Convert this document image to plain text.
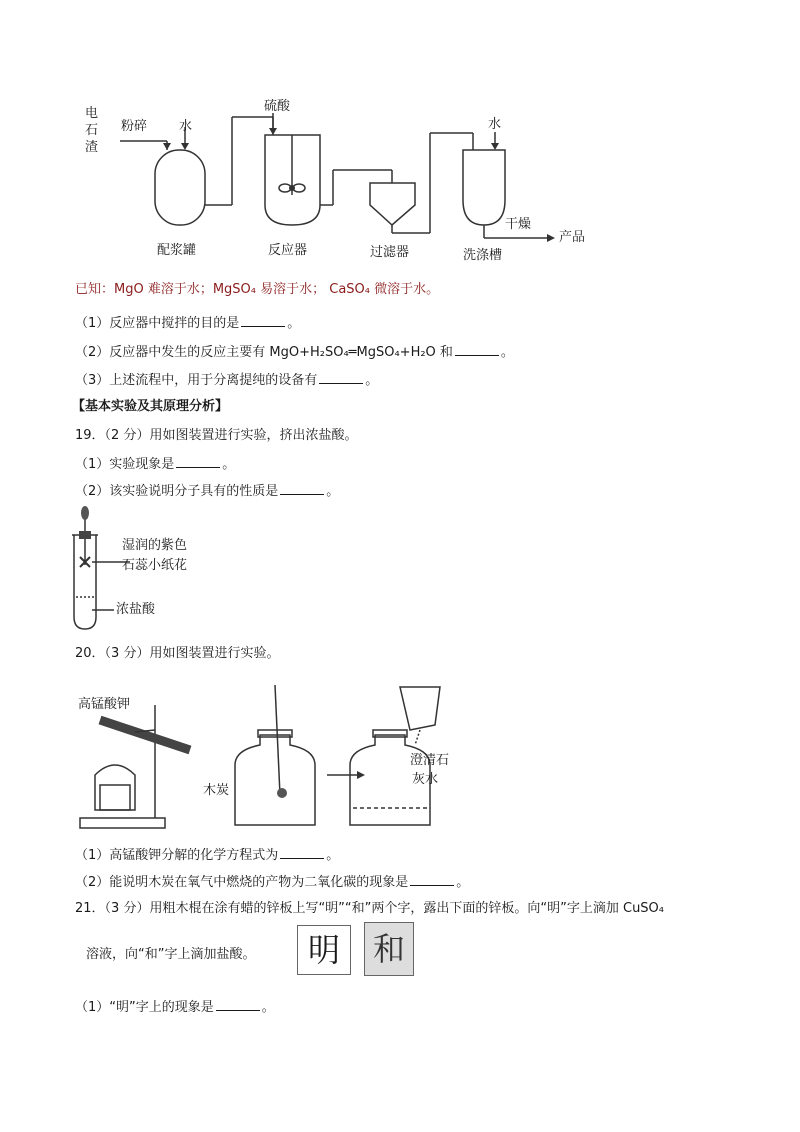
电
石
渣
粉碎 水
硫酸
水
干燥
产品
配浆罐	反应器	过滤器	洗涤槽
已知：MgO 难溶于水；MgSO₄ 易溶于水； CaSO₄ 微溶于水。
（1）反应器中搅拌的目的是	。
（2）反应器中发生的反应主要有 MgO+H₂SO₄═MgSO₄+H₂O 和	。
（3）上述流程中，用于分离提纯的设备有	。
【基本实验及其原理分析】
19．（2 分）用如图装置进行实验，挤出浓盐酸。
（1）实验现象是	。
（2）该实验说明分子具有的性质是	。
湿润的紫色
石蕊小纸花
浓盐酸
20．（3 分）用如图装置进行实验。
高锰酸钾
木炭
澄清石
灰水
（1）高锰酸钾分解的化学方程式为	。
（2）能说明木炭在氧气中燃烧的产物为二氧化碳的现象是	。
21．（3 分）用粗木棍在涂有蜡的锌板上写“明”“和”两个字，露出下面的锌板。向“明”字上滴加 CuSO₄
溶液，向“和”字上滴加盐酸。	明	和
（1）“明”字上的现象是	。
